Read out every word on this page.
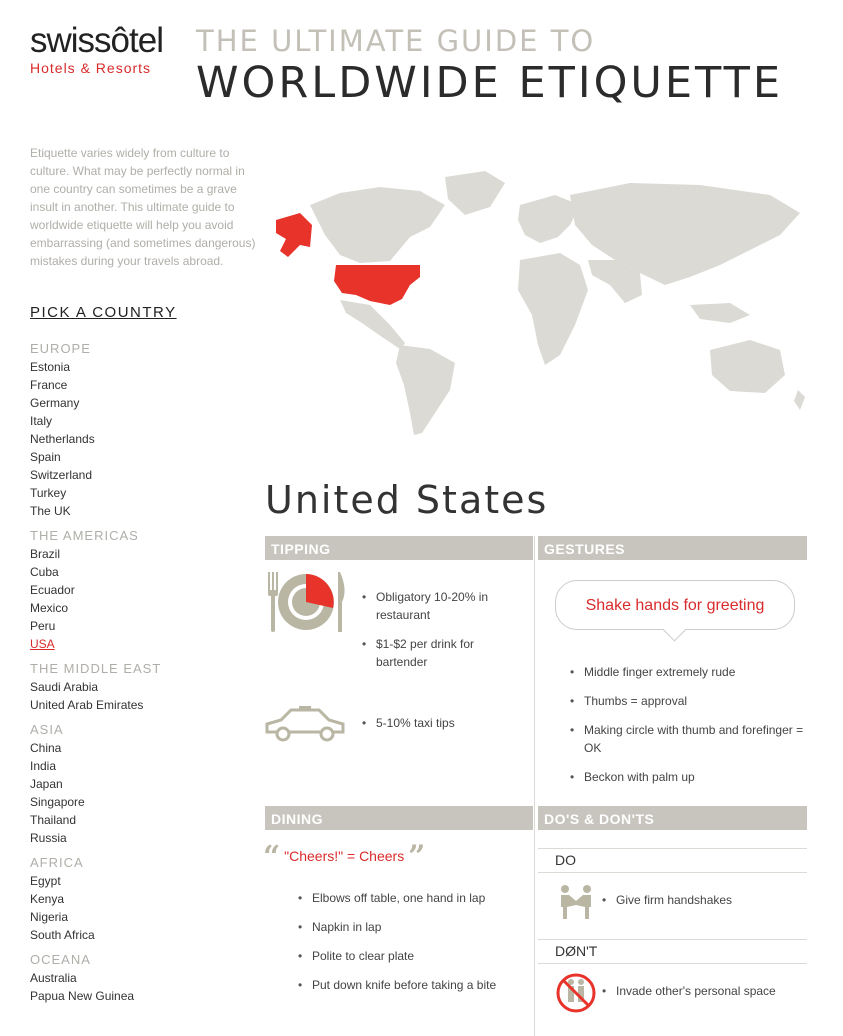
swissôtel
Hotels & Resorts
THE ULTIMATE GUIDE TO
WORLDWIDE ETIQUETTE

Etiquette varies widely from culture to culture. What may be perfectly normal in one country can sometimes be a grave insult in another. This ultimate guide to worldwide etiquette will help you avoid embarrassing (and sometimes dangerous) mistakes during your travels abroad.

PICK A COUNTRY
EUROPE
Estonia
France
Germany
Italy
Netherlands
Spain
Switzerland
Turkey
The UK
THE AMERICAS
Brazil
Cuba
Ecuador
Mexico
Peru
USA
THE MIDDLE EAST
Saudi Arabia
United Arab Emirates
ASIA
China
India
Japan
Singapore
Thailand
Russia
AFRICA
Egypt
Kenya
Nigeria
South Africa
OCEANA
Australia
Papua New Guinea
United States
TIPPING
• Obligatory 10-20% in restaurant
• $1-$2 per drink for bartender
• 5-10% taxi tips
GESTURES
Shake hands for greeting
• Middle finger extremely rude
• Thumbs = approval
• Making circle with thumb and forefinger = OK
• Beckon with palm up
DINING
“ "Cheers!" = Cheers ”
• Elbows off table, one hand in lap
• Napkin in lap
• Polite to clear plate
• Put down knife before taking a bite
DO'S & DON'TS
DO
• Give firm handshakes
DØN'T
• Invade other's personal space
